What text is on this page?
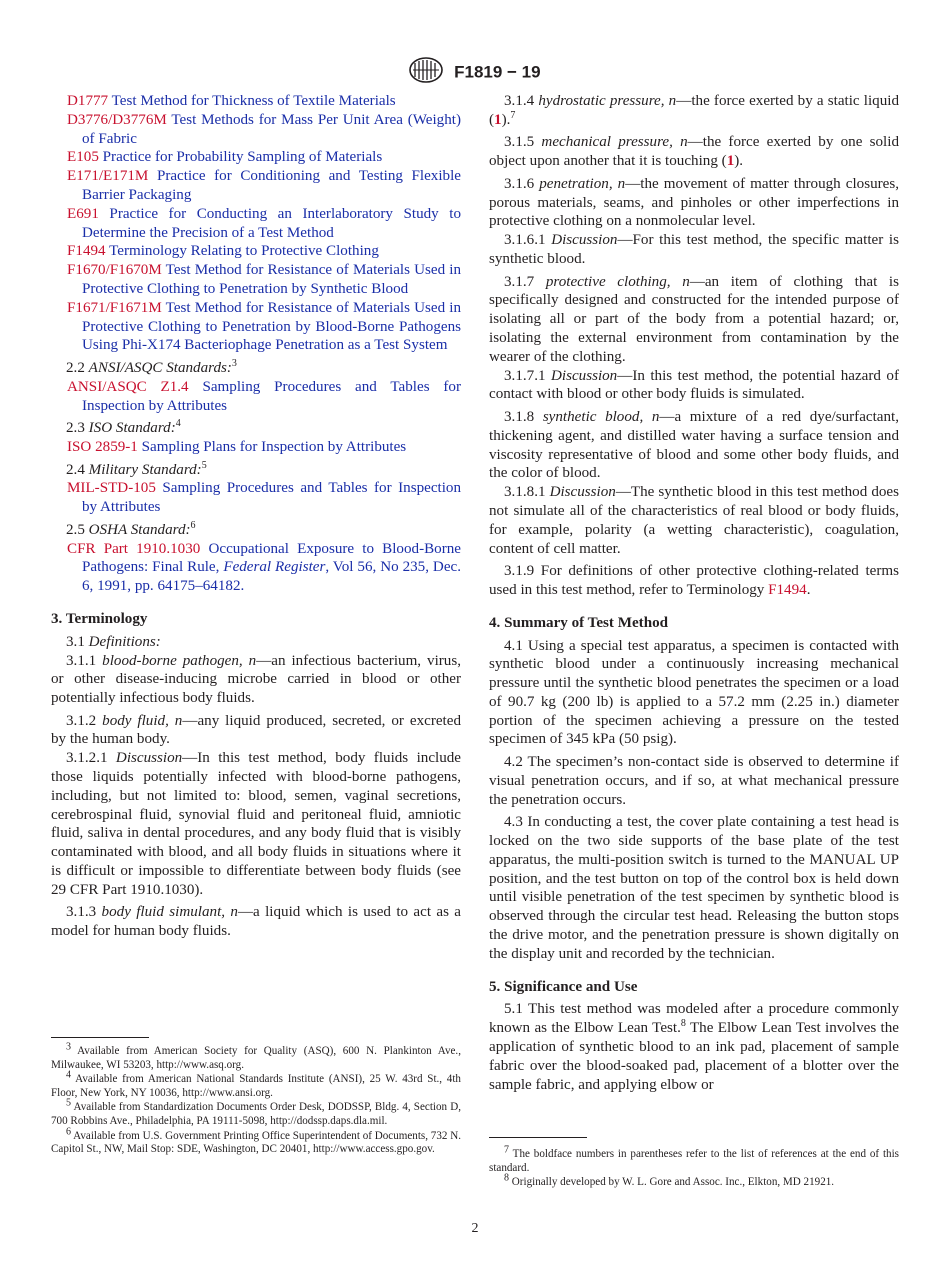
F1819 − 19

D1777 Test Method for Thickness of Textile Materials

D3776/D3776M Test Methods for Mass Per Unit Area (Weight) of Fabric

E105 Practice for Probability Sampling of Materials

E171/E171M Practice for Conditioning and Testing Flexible Barrier Packaging

E691 Practice for Conducting an Interlaboratory Study to Determine the Precision of a Test Method

F1494 Terminology Relating to Protective Clothing

F1670/F1670M Test Method for Resistance of Materials Used in Protective Clothing to Penetration by Synthetic Blood

F1671/F1671M Test Method for Resistance of Materials Used in Protective Clothing to Penetration by Blood-Borne Pathogens Using Phi-X174 Bacteriophage Penetration as a Test System

2.2 ANSI/ASQC Standards:$^3$

ANSI/ASQC Z1.4 Sampling Procedures and Tables for Inspection by Attributes

2.3 ISO Standard:$^4$

ISO 2859-1 Sampling Plans for Inspection by Attributes

2.4 Military Standard:$^5$

MIL-STD-105 Sampling Procedures and Tables for Inspection by Attributes

2.5 OSHA Standard:$^6$

CFR Part 1910.1030 Occupational Exposure to Blood-Borne Pathogens: Final Rule, Federal Register, Vol 56, No 235, Dec. 6, 1991, pp. 64175–64182.

3. Terminology

3.1 Definitions:

3.1.1 blood-borne pathogen, n—an infectious bacterium, virus, or other disease-inducing microbe carried in blood or other potentially infectious body fluids.

3.1.2 body fluid, n—any liquid produced, secreted, or excreted by the human body.

3.1.2.1 Discussion—In this test method, body fluids include those liquids potentially infected with blood-borne pathogens, including, but not limited to: blood, semen, vaginal secretions, cerebrospinal fluid, synovial fluid and peritoneal fluid, amniotic fluid, saliva in dental procedures, and any body fluid that is visibly contaminated with blood, and all body fluids in situations where it is difficult or impossible to differentiate between body fluids (see 29 CFR Part 1910.1030).

3.1.3 body fluid simulant, n—a liquid which is used to act as a model for human body fluids.

3.1.4 hydrostatic pressure, n—the force exerted by a static liquid (1).$^7$

3.1.5 mechanical pressure, n—the force exerted by one solid object upon another that it is touching (1).

3.1.6 penetration, n—the movement of matter through closures, porous materials, seams, and pinholes or other imperfections in protective clothing on a nonmolecular level.

3.1.6.1 Discussion—For this test method, the specific matter is synthetic blood.

3.1.7 protective clothing, n—an item of clothing that is specifically designed and constructed for the intended purpose of isolating all or part of the body from a potential hazard; or, isolating the external environment from contamination by the wearer of the clothing.

3.1.7.1 Discussion—In this test method, the potential hazard of contact with blood or other body fluids is simulated.

3.1.8 synthetic blood, n—a mixture of a red dye/surfactant, thickening agent, and distilled water having a surface tension and viscosity representative of blood and some other body fluids, and the color of blood.

3.1.8.1 Discussion—The synthetic blood in this test method does not simulate all of the characteristics of real blood or body fluids, for example, polarity (a wetting characteristic), coagulation, content of cell matter.

3.1.9 For definitions of other protective clothing-related terms used in this test method, refer to Terminology F1494.

4. Summary of Test Method

4.1 Using a special test apparatus, a specimen is contacted with synthetic blood under a continuously increasing mechanical pressure until the synthetic blood penetrates the specimen or a load of 90.7 kg (200 lb) is applied to a 57.2 mm (2.25 in.) diameter portion of the specimen achieving a pressure on the tested specimen of 345 kPa (50 psig).

4.2 The specimen’s non-contact side is observed to determine if visual penetration occurs, and if so, at what mechanical pressure the penetration occurs.

4.3 In conducting a test, the cover plate containing a test head is locked on the two side supports of the base plate of the test apparatus, the multi-position switch is turned to the MANUAL UP position, and the test button on top of the control box is held down until visible penetration of the test specimen by synthetic blood is observed through the circular test head. Releasing the button stops the drive motor, and the penetration pressure is shown digitally on the display unit and recorded by the technician.

5. Significance and Use

5.1 This test method was modeled after a procedure commonly known as the Elbow Lean Test.$^8$ The Elbow Lean Test involves the application of synthetic blood to an ink pad, placement of sample fabric over the blood-soaked pad, placement of a blotter over the sample fabric, and applying elbow or

$^3$ Available from American Society for Quality (ASQ), 600 N. Plankinton Ave., Milwaukee, WI 53203, http://www.asq.org.

$^4$ Available from American National Standards Institute (ANSI), 25 W. 43rd St., 4th Floor, New York, NY 10036, http://www.ansi.org.

$^5$ Available from Standardization Documents Order Desk, DODSSP, Bldg. 4, Section D, 700 Robbins Ave., Philadelphia, PA 19111-5098, http://dodssp.daps.dla.mil.

$^6$ Available from U.S. Government Printing Office Superintendent of Documents, 732 N. Capitol St., NW, Mail Stop: SDE, Washington, DC 20401, http://www.access.gpo.gov.	$^7$ The boldface numbers in parentheses refer to the list of references at the end of this standard.

$^8$ Originally developed by W. L. Gore and Assoc. Inc., Elkton, MD 21921.

2
